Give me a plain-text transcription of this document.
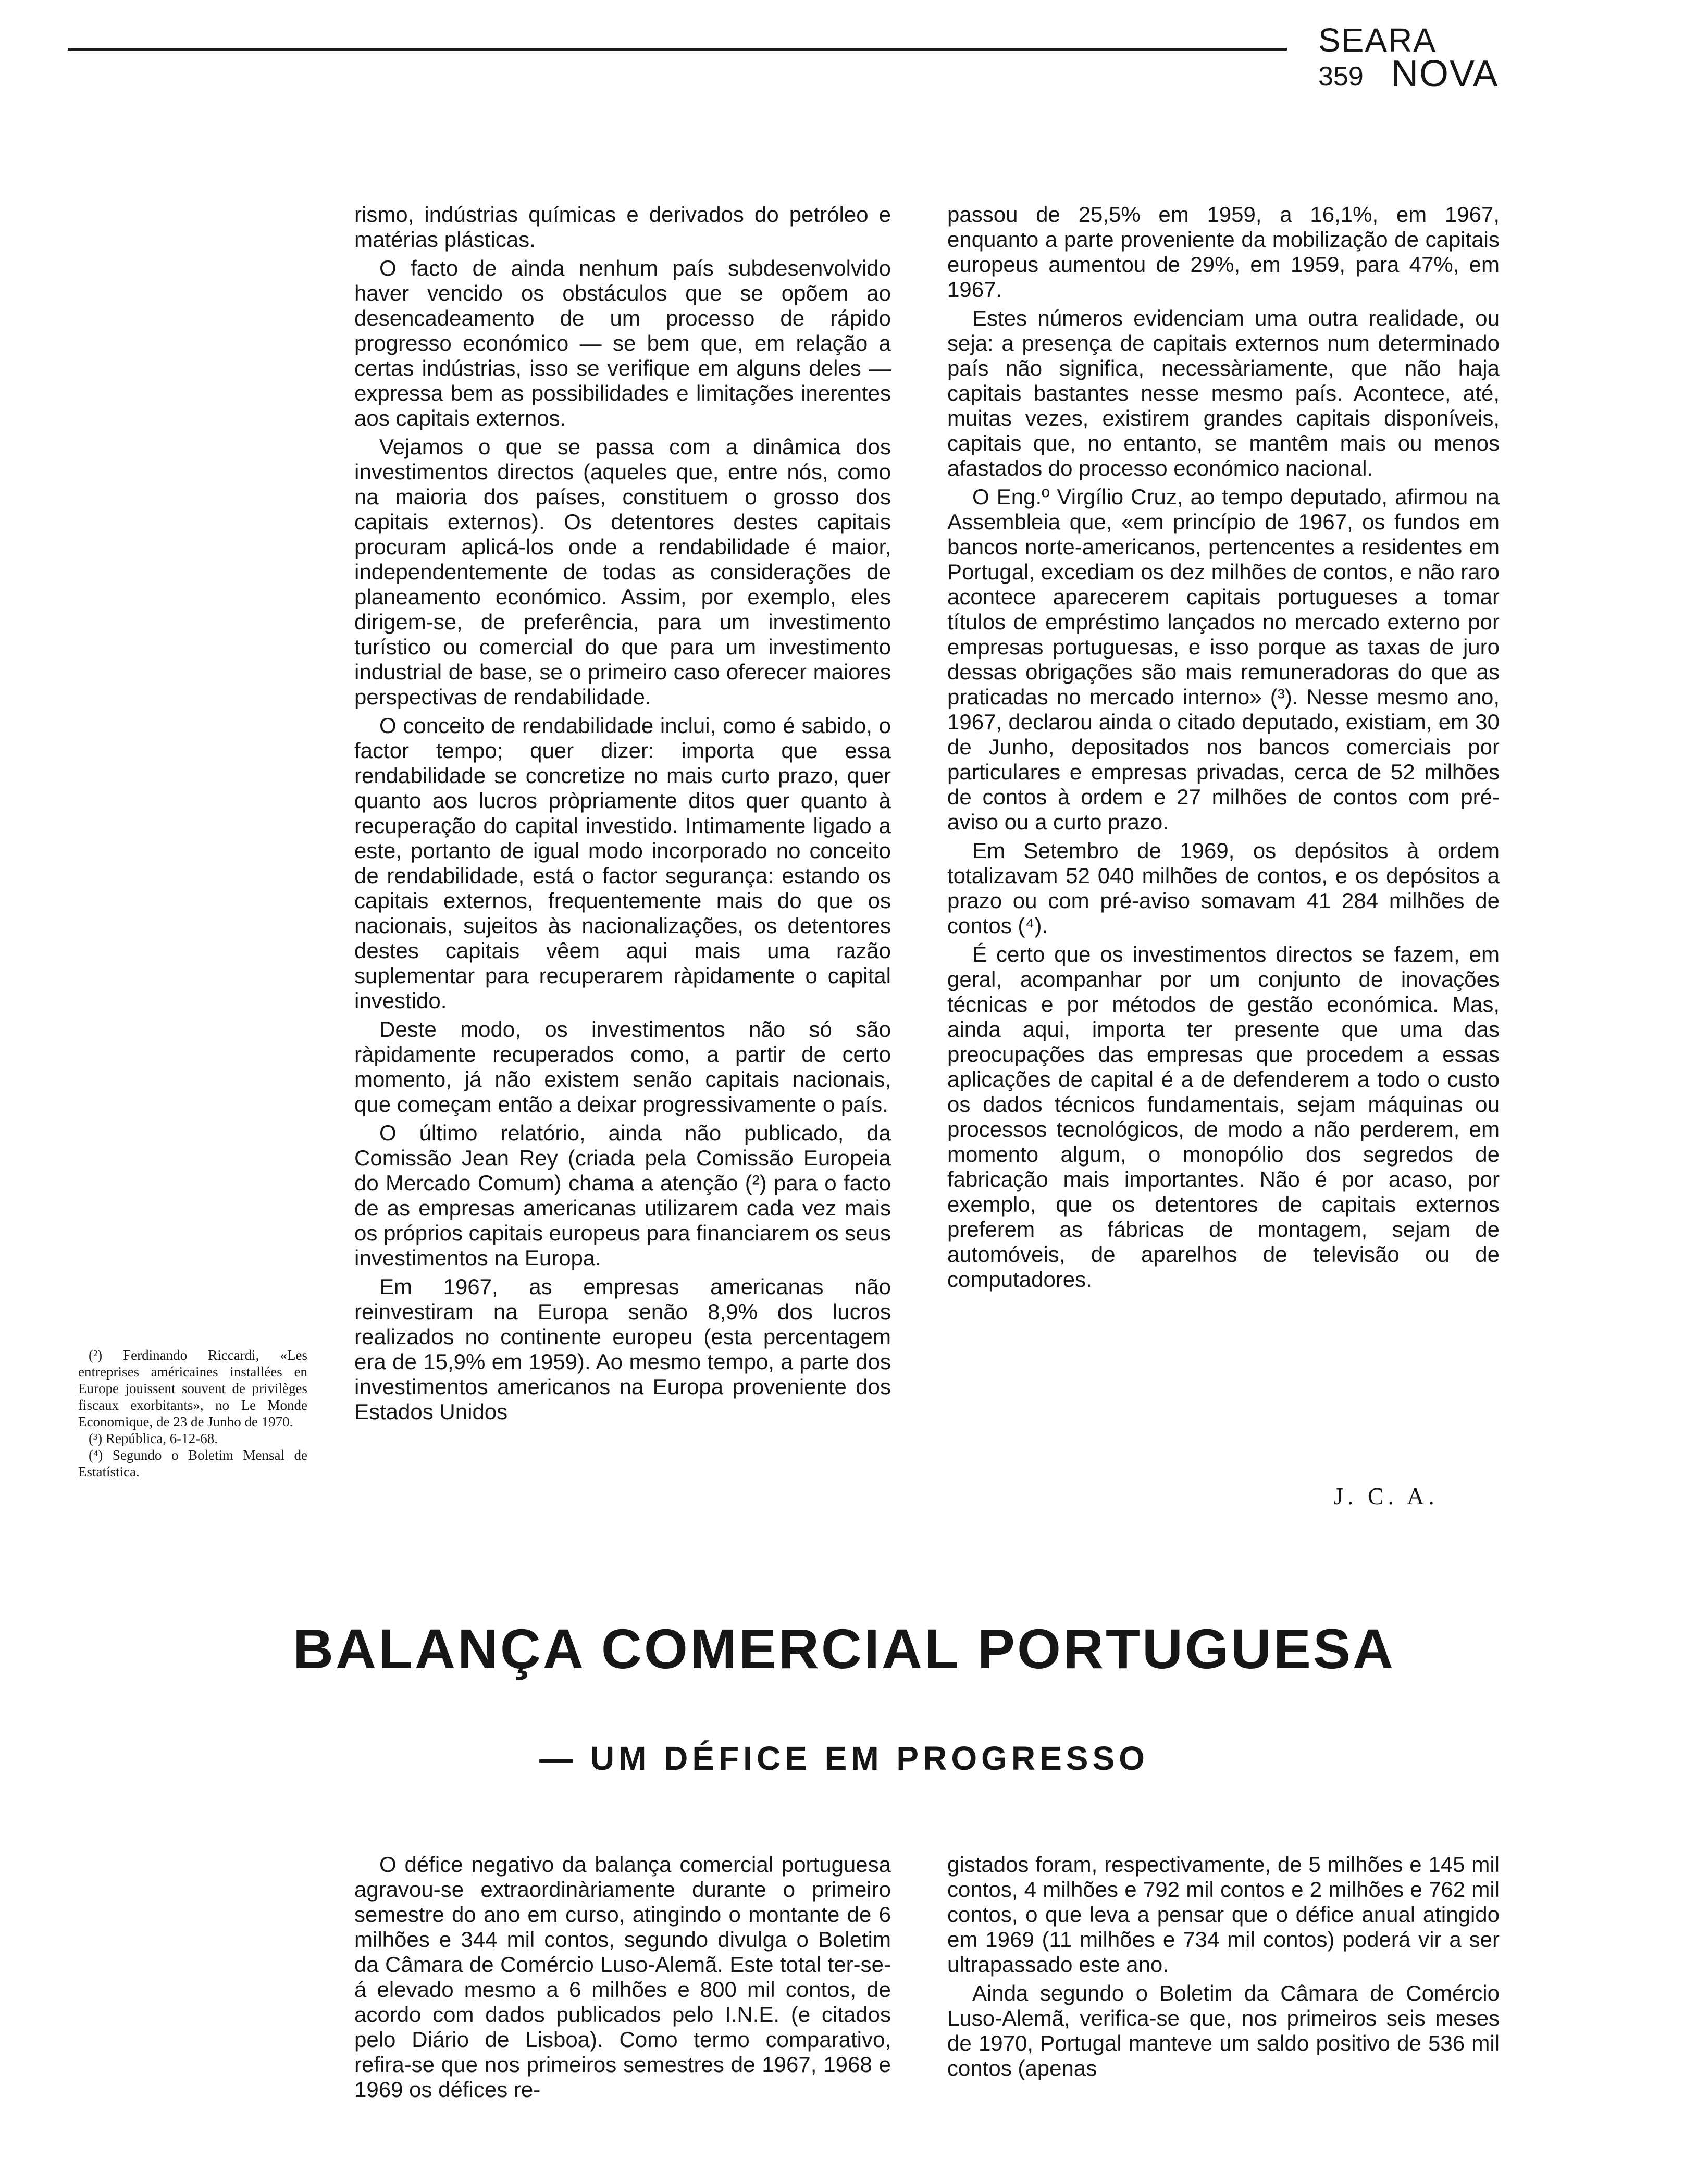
SEARA
359 NOVA

rismo, indústrias químicas e derivados do petróleo e matérias plásticas.

O facto de ainda nenhum país subdesenvolvido haver vencido os obstáculos que se opõem ao desencadeamento de um processo de rápido progresso económico — se bem que, em relação a certas indústrias, isso se verifique em alguns deles — expressa bem as possibilidades e limitações inerentes aos capitais externos.

Vejamos o que se passa com a dinâmica dos investimentos directos (aqueles que, entre nós, como na maioria dos países, constituem o grosso dos capitais externos). Os detentores destes capitais procuram aplicá-los onde a rendabilidade é maior, independentemente de todas as considerações de planeamento económico. Assim, por exemplo, eles dirigem-se, de preferência, para um investimento turístico ou comercial do que para um investimento industrial de base, se o primeiro caso oferecer maiores perspectivas de rendabilidade.

O conceito de rendabilidade inclui, como é sabido, o factor tempo; quer dizer: importa que essa rendabilidade se concretize no mais curto prazo, quer quanto aos lucros pròpriamente ditos quer quanto à recuperação do capital investido. Intimamente ligado a este, portanto de igual modo incorporado no conceito de rendabilidade, está o factor segurança: estando os capitais externos, frequentemente mais do que os nacionais, sujeitos às nacionalizações, os detentores destes capitais vêem aqui mais uma razão suplementar para recuperarem ràpidamente o capital investido.

Deste modo, os investimentos não só são ràpidamente recuperados como, a partir de certo momento, já não existem senão capitais nacionais, que começam então a deixar progressivamente o país.

O último relatório, ainda não publicado, da Comissão Jean Rey (criada pela Comissão Europeia do Mercado Comum) chama a atenção (²) para o facto de as empresas americanas utilizarem cada vez mais os próprios capitais europeus para financiarem os seus investimentos na Europa.

Em 1967, as empresas americanas não reinvestiram na Europa senão 8,9% dos lucros realizados no continente europeu (esta percentagem era de 15,9% em 1959). Ao mesmo tempo, a parte dos investimentos americanos na Europa proveniente dos Estados Unidos

passou de 25,5% em 1959, a 16,1%, em 1967, enquanto a parte proveniente da mobilização de capitais europeus aumentou de 29%, em 1959, para 47%, em 1967.

Estes números evidenciam uma outra realidade, ou seja: a presença de capitais externos num determinado país não significa, necessàriamente, que não haja capitais bastantes nesse mesmo país. Acontece, até, muitas vezes, existirem grandes capitais disponíveis, capitais que, no entanto, se mantêm mais ou menos afastados do processo económico nacional.

O Eng.º Virgílio Cruz, ao tempo deputado, afirmou na Assembleia que, «em princípio de 1967, os fundos em bancos norte-americanos, pertencentes a residentes em Portugal, excediam os dez milhões de contos, e não raro acontece aparecerem capitais portugueses a tomar títulos de empréstimo lançados no mercado externo por empresas portuguesas, e isso porque as taxas de juro dessas obrigações são mais remuneradoras do que as praticadas no mercado interno» (³). Nesse mesmo ano, 1967, declarou ainda o citado deputado, existiam, em 30 de Junho, depositados nos bancos comerciais por particulares e empresas privadas, cerca de 52 milhões de contos à ordem e 27 milhões de contos com pré-aviso ou a curto prazo.

Em Setembro de 1969, os depósitos à ordem totalizavam 52 040 milhões de contos, e os depósitos a prazo ou com pré-aviso somavam 41 284 milhões de contos (⁴).

É certo que os investimentos directos se fazem, em geral, acompanhar por um conjunto de inovações técnicas e por métodos de gestão económica. Mas, ainda aqui, importa ter presente que uma das preocupações das empresas que procedem a essas aplicações de capital é a de defenderem a todo o custo os dados técnicos fundamentais, sejam máquinas ou processos tecnológicos, de modo a não perderem, em momento algum, o monopólio dos segredos de fabricação mais importantes. Não é por acaso, por exemplo, que os detentores de capitais externos preferem as fábricas de montagem, sejam de automóveis, de aparelhos de televisão ou de computadores.

J. C. A.

(²) Ferdinando Riccardi, «Les entreprises américaines installées en Europe jouissent souvent de privilèges fiscaux exorbitants», no Le Monde Economique, de 23 de Junho de 1970.

(³) República, 6-12-68.

(⁴) Segundo o Boletim Mensal de Estatística.

BALANÇA COMERCIAL PORTUGUESA
— UM DÉFICE EM PROGRESSO

O défice negativo da balança comercial portuguesa agravou-se extraordinàriamente durante o primeiro semestre do ano em curso, atingindo o montante de 6 milhões e 344 mil contos, segundo divulga o Boletim da Câmara de Comércio Luso-Alemã. Este total ter-se-á elevado mesmo a 6 milhões e 800 mil contos, de acordo com dados publicados pelo I.N.E. (e citados pelo Diário de Lisboa). Como termo comparativo, refira-se que nos primeiros semestres de 1967, 1968 e 1969 os défices re-

gistados foram, respectivamente, de 5 milhões e 145 mil contos, 4 milhões e 792 mil contos e 2 milhões e 762 mil contos, o que leva a pensar que o défice anual atingido em 1969 (11 milhões e 734 mil contos) poderá vir a ser ultrapassado este ano.

Ainda segundo o Boletim da Câmara de Comércio Luso-Alemã, verifica-se que, nos primeiros seis meses de 1970, Portugal manteve um saldo positivo de 536 mil contos (apenas
